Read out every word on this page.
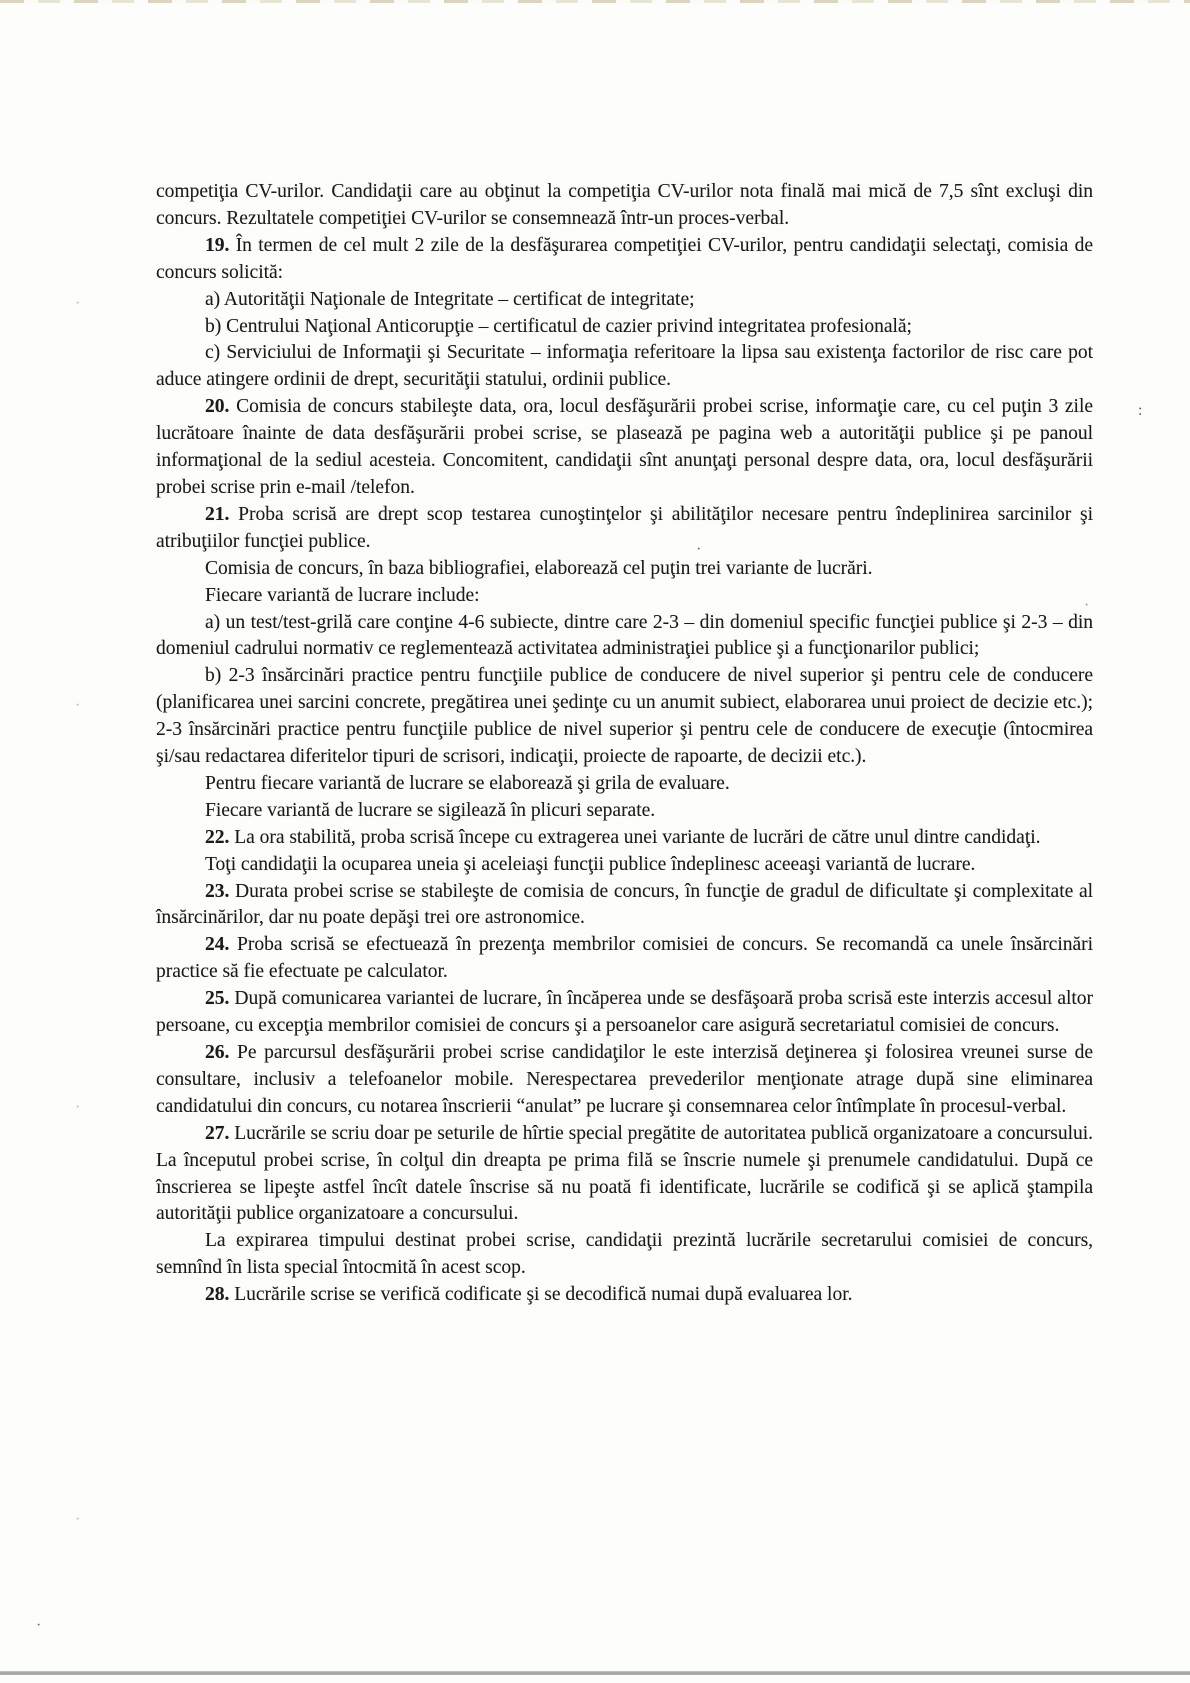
competiţia CV-urilor. Candidaţii care au obţinut la competiţia CV-urilor nota finală mai mică de 7,5 sînt excluşi din concurs. Rezultatele competiţiei CV-urilor se consemnează într-un proces-verbal.

19. În termen de cel mult 2 zile de la desfăşurarea competiţiei CV-urilor, pentru candidaţii selectaţi, comisia de concurs solicită:

a) Autorităţii Naţionale de Integritate – certificat de integritate;

b) Centrului Naţional Anticorupţie – certificatul de cazier privind integritatea profesională;

c) Serviciului de Informaţii şi Securitate – informaţia referitoare la lipsa sau existenţa factorilor de risc care pot aduce atingere ordinii de drept, securităţii statului, ordinii publice.

20. Comisia de concurs stabileşte data, ora, locul desfăşurării probei scrise, informaţie care, cu cel puţin 3 zile lucrătoare înainte de data desfăşurării probei scrise, se plasează pe pagina web a autorităţii publice şi pe panoul informaţional de la sediul acesteia. Concomitent, candidaţii sînt anunţaţi personal despre data, ora, locul desfăşurării probei scrise prin e-mail /telefon.

21. Proba scrisă are drept scop testarea cunoştinţelor şi abilităţilor necesare pentru îndeplinirea sarcinilor şi atribuţiilor funcţiei publice.

Comisia de concurs, în baza bibliografiei, elaborează cel puţin trei variante de lucrări.

Fiecare variantă de lucrare include:

a) un test/test-grilă care conţine 4-6 subiecte, dintre care 2-3 – din domeniul specific funcţiei publice şi 2-3 – din domeniul cadrului normativ ce reglementează activitatea administraţiei publice şi a funcţionarilor publici;

b) 2-3 însărcinări practice pentru funcţiile publice de conducere de nivel superior şi pentru cele de conducere (planificarea unei sarcini concrete, pregătirea unei şedinţe cu un anumit subiect, elaborarea unui proiect de decizie etc.); 2-3 însărcinări practice pentru funcţiile publice de nivel superior şi pentru cele de conducere de execuţie (întocmirea şi/sau redactarea diferitelor tipuri de scrisori, indicaţii, proiecte de rapoarte, de decizii etc.).

Pentru fiecare variantă de lucrare se elaborează şi grila de evaluare.

Fiecare variantă de lucrare se sigilează în plicuri separate.

22. La ora stabilită, proba scrisă începe cu extragerea unei variante de lucrări de către unul dintre candidaţi.

Toţi candidaţii la ocuparea uneia şi aceleiaşi funcţii publice îndeplinesc aceeaşi variantă de lucrare.

23. Durata probei scrise se stabileşte de comisia de concurs, în funcţie de gradul de dificultate şi complexitate al însărcinărilor, dar nu poate depăşi trei ore astronomice.

24. Proba scrisă se efectuează în prezenţa membrilor comisiei de concurs. Se recomandă ca unele însărcinări practice să fie efectuate pe calculator.

25. După comunicarea variantei de lucrare, în încăperea unde se desfăşoară proba scrisă este interzis accesul altor persoane, cu excepţia membrilor comisiei de concurs şi a persoanelor care asigură secretariatul comisiei de concurs.

26. Pe parcursul desfăşurării probei scrise candidaţilor le este interzisă deţinerea şi folosirea vreunei surse de consultare, inclusiv a telefoanelor mobile. Nerespectarea prevederilor menţionate atrage după sine eliminarea candidatului din concurs, cu notarea înscrierii “anulat” pe lucrare şi consemnarea celor întîmplate în procesul-verbal.

27. Lucrările se scriu doar pe seturile de hîrtie special pregătite de autoritatea publică organizatoare a concursului. La începutul probei scrise, în colţul din dreapta pe prima filă se înscrie numele şi prenumele candidatului. După ce înscrierea se lipeşte astfel încît datele înscrise să nu poată fi identificate, lucrările se codifică şi se aplică ştampila autorităţii publice organizatoare a concursului.

La expirarea timpului destinat probei scrise, candidaţii prezintă lucrările secretarului comisiei de concurs, semnînd în lista special întocmită în acest scop.

28. Lucrările scrise se verifică codificate şi se decodifică numai după evaluarea lor.

:
·
·
·
·
·
·
·
